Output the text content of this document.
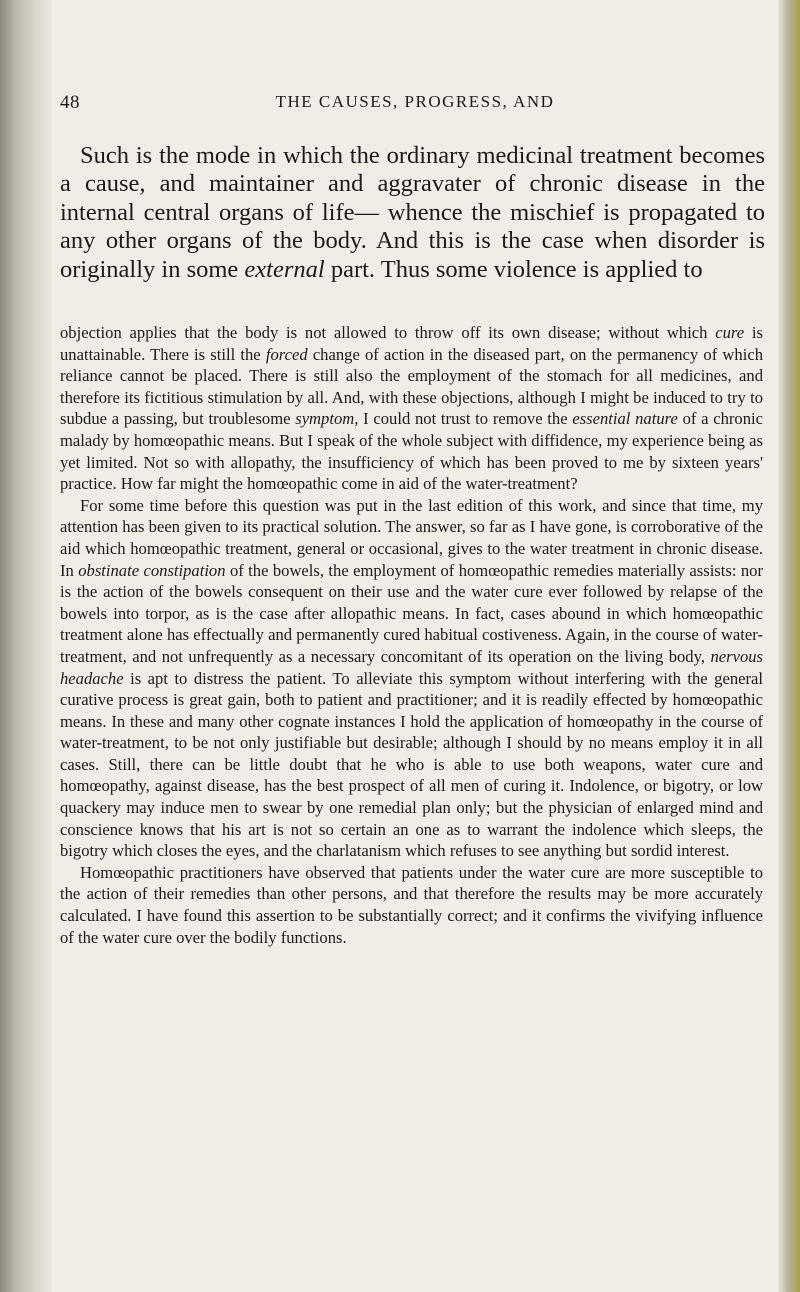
48	THE CAUSES, PROGRESS, AND

Such is the mode in which the ordinary medicinal treatment becomes a cause, and maintainer and aggravater of chronic disease in the internal central organs of life— whence the mischief is propagated to any other organs of the body. And this is the case when disorder is originally in some external part. Thus some violence is applied to

objection applies that the body is not allowed to throw off its own disease; without which cure is unattainable. There is still the forced change of action in the diseased part, on the permanency of which reliance cannot be placed. There is still also the employment of the stomach for all medicines, and therefore its fictitious stimulation by all. And, with these objections, although I might be induced to try to subdue a passing, but troublesome symptom, I could not trust to remove the essential nature of a chronic malady by homœopathic means. But I speak of the whole subject with diffidence, my experience being as yet limited. Not so with allopathy, the insufficiency of which has been proved to me by sixteen years' practice. How far might the homœopathic come in aid of the water-treatment?

For some time before this question was put in the last edition of this work, and since that time, my attention has been given to its practical solution. The answer, so far as I have gone, is corroborative of the aid which homœopathic treatment, general or occasional, gives to the water treatment in chronic disease. In obstinate constipation of the bowels, the employment of homœopathic remedies materially assists: nor is the action of the bowels consequent on their use and the water cure ever followed by relapse of the bowels into torpor, as is the case after allopathic means. In fact, cases abound in which homœopathic treatment alone has effectually and permanently cured habitual costiveness. Again, in the course of water-treatment, and not unfrequently as a necessary concomitant of its operation on the living body, nervous headache is apt to distress the patient. To alleviate this symptom without interfering with the general curative process is great gain, both to patient and practitioner; and it is readily effected by homœopathic means. In these and many other cognate instances I hold the application of homœopathy in the course of water-treatment, to be not only justifiable but desirable; although I should by no means employ it in all cases. Still, there can be little doubt that he who is able to use both weapons, water cure and homœopathy, against disease, has the best prospect of all men of curing it. Indolence, or bigotry, or low quackery may induce men to swear by one remedial plan only; but the physician of enlarged mind and conscience knows that his art is not so certain an one as to warrant the indolence which sleeps, the bigotry which closes the eyes, and the charlatanism which refuses to see anything but sordid interest.

Homœopathic practitioners have observed that patients under the water cure are more susceptible to the action of their remedies than other persons, and that therefore the results may be more accurately calculated. I have found this assertion to be substantially correct; and it confirms the vivifying influence of the water cure over the bodily functions.
